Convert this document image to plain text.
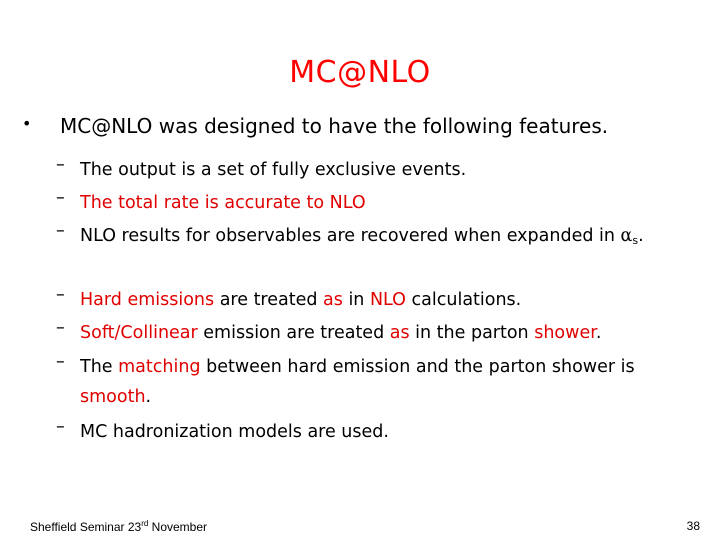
MC@NLO
• MC@NLO was designed to have the following features.
– The output is a set of fully exclusive events.
– The total rate is accurate to NLO
– NLO results for observables are recovered when expanded in αs.
– Hard emissions are treated as in NLO calculations.
– Soft/Collinear emission are treated as in the parton shower.
– The matching between hard emission and the parton shower is smooth.
– MC hadronization models are used.
Sheffield Seminar 23rd November	38
